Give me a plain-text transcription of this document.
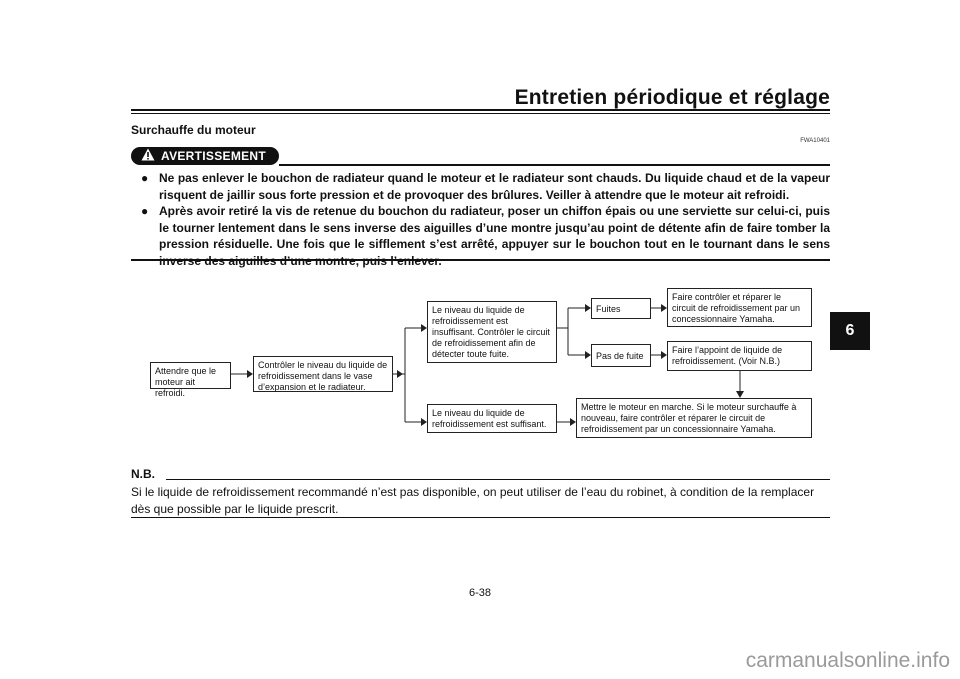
Entretien périodique et réglage
Surchauffe du moteur
FWA10401
AVERTISSEMENT
● Ne pas enlever le bouchon de radiateur quand le moteur et le radiateur sont chauds. Du liquide chaud et de la vapeur risquent de jaillir sous forte pression et de provoquer des brûlures. Veiller à attendre que le moteur ait refroidi.
● Après avoir retiré la vis de retenue du bouchon du radiateur, poser un chiffon épais ou une serviette sur celui-ci, puis le tourner lentement dans le sens inverse des aiguilles d’une montre jusqu’au point de détente afin de faire tomber la pression résiduelle. Une fois que le sifflement s’est arrêté, appuyer sur le bouchon tout en le tournant dans le sens
Attendre que le moteur ait refroidi.
Contrôler le niveau du liquide de refroidissement dans le vase d’expansion et le radiateur.
Le niveau du liquide de refroidissement est insuffisant. Contrôler le circuit de refroidissement afin de détecter toute fuite.
Le niveau du liquide de refroidissement est suffisant.
Fuites
Pas de fuite
Faire contrôler et réparer le circuit de refroidissement par un concessionnaire Yamaha.
Faire l’appoint de liquide de refroidissement. (Voir N.B.)
Mettre le moteur en marche. Si le moteur surchauffe à nouveau, faire contrôler et réparer le circuit de refroidissement par un concessionnaire Yamaha.
N.B.
Si le liquide de refroidissement recommandé n’est pas disponible, on peut utiliser de l’eau du robinet, à condition de la remplacer dès que possible par le liquide prescrit.
6-38
6
carmanualsonline.info
